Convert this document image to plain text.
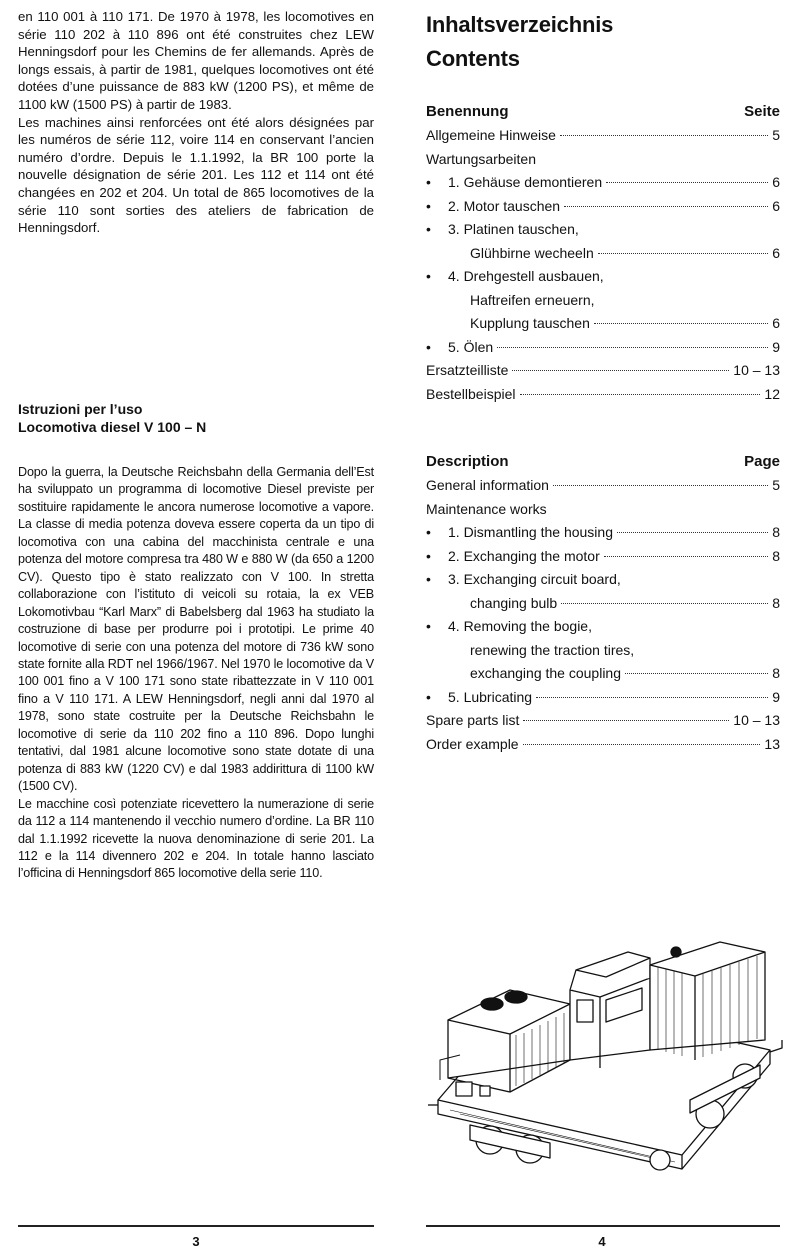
en 110 001 à 110 171. De 1970 à 1978, les locomotives en série 110 202 à 110 896 ont été construites chez LEW Henningsdorf pour les Chemins de fer allemands. Après de longs essais, à partir de 1981, quelques locomotives ont été dotées d’une puissance de 883 kW (1200 PS), et même de 1100 kW (1500 PS) à partir de 1983.

Les machines ainsi renforcées ont été alors désignées par les numéros de série 112, voire 114 en conservant l’ancien numéro d’ordre. Depuis le 1.1.1992, la BR 100 porte la nouvelle désignation de série 201. Les 112 et 114 ont été changées en 202 et 204. Un total de 865 locomotives de la série 110 sont sorties des ateliers de fabrication de Henningsdorf.

Istruzioni per l’uso

Locomotiva diesel V 100 – N

Dopo la guerra, la Deutsche Reichsbahn della Germania dell’Est ha sviluppato un programma di locomotive Diesel previste per sostituire rapidamente le ancora numerose locomotive a vapore. La classe di media potenza doveva essere coperta da un tipo di locomotiva con una cabina del macchinista centrale e una potenza del motore compresa tra 480 W e 880 W (da 650 a 1200 CV). Questo tipo è stato realizzato con V 100. In stretta collaborazione con l’istituto di veicoli su rotaia, la ex VEB Lokomotivbau “Karl Marx” di Babelsberg dal 1963 ha studiato la costruzione di base per produrre poi i prototipi. Le prime 40 locomotive di serie con una potenza del motore di 736 kW sono state fornite alla RDT nel 1966/1967. Nel 1970 le locomotive da V 100 001 fino a V 100 171 sono state ribattezzate in V 110 001 fino a V 110 171. A LEW Henningsdorf, negli anni dal 1970 al 1978, sono state costruite per la Deutsche Reichsbahn le locomotive di serie da 110 202 fino a 110 896. Dopo lunghi tentativi, dal 1981 alcune locomotive sono state dotate di una potenza di 883 kW (1220 CV) e dal 1983 addirittura di 1100 kW (1500 CV).

Le macchine così potenziate ricevettero la numerazione di serie da 112 a 114 mantenendo il vecchio numero d’ordine. La BR 110 dal 1.1.1992 ricevette la nuova denominazione di serie 201. La 112 e la 114 divennero 202 e 204. In totale hanno lasciato l’officina di Henningsdorf 865 locomotive della serie 110.

Inhaltsverzeichnis

Contents

Benennung	Seite
Allgemeine Hinweise	5
Wartungsarbeiten
•	1. Gehäuse demontieren	6
•	2. Motor tauschen	6
•	3. Platinen tauschen,
Glühbirne wecheeln	6
•	4. Drehgestell ausbauen,
Haftreifen erneuern,
Kupplung tauschen	6
•	5. Ölen	9
Ersatzteilliste	10 – 13
Bestellbeispiel	12
Description	Page
General information	5
Maintenance works
•	1. Dismantling the housing	8
•	2. Exchanging the motor	8
•	3. Exchanging circuit board,
changing bulb	8
•	4. Removing the bogie,
renewing the traction tires,
exchanging the coupling	8
•	5. Lubricating	9
Spare parts list	10 – 13
Order example	13
3	4
